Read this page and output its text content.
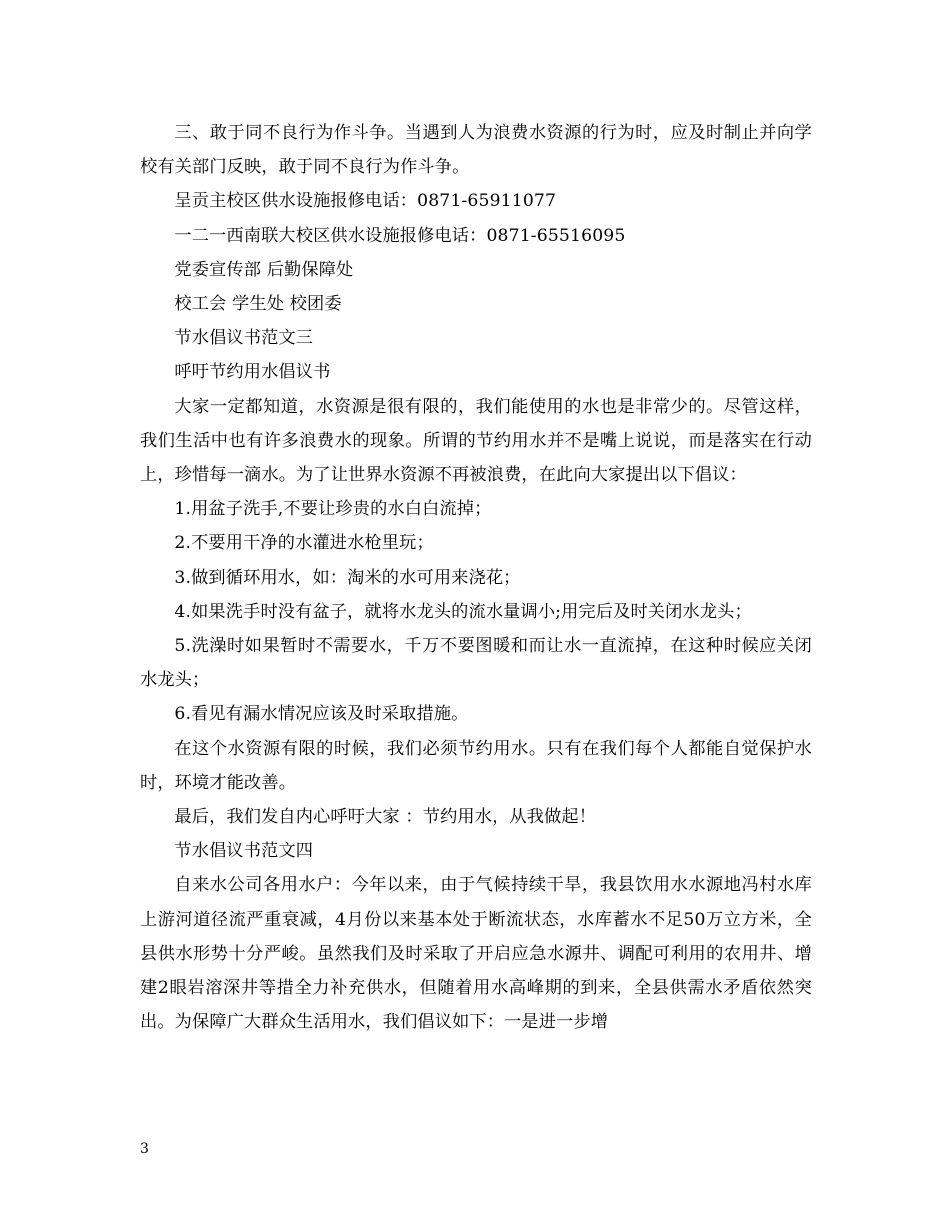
三、敢于同不良行为作斗争。当遇到人为浪费水资源的行为时，应及时制止并向学校有关部门反映，敢于同不良行为作斗争。

呈贡主校区供水设施报修电话：0871-65911077

一二一西南联大校区供水设施报修电话：0871-65516095

党委宣传部 后勤保障处

校工会 学生处 校团委

节水倡议书范文三

呼吁节约用水倡议书

大家一定都知道，水资源是很有限的，我们能使用的水也是非常少的。尽管这样，我们生活中也有许多浪费水的现象。所谓的节约用水并不是嘴上说说，而是落实在行动上，珍惜每一滴水。为了让世界水资源不再被浪费，在此向大家提出以下倡议：

1.用盆子洗手,不要让珍贵的水白白流掉；

2.不要用干净的水灌进水枪里玩；

3.做到循环用水，如：淘米的水可用来浇花；

4.如果洗手时没有盆子，就将水龙头的流水量调小;用完后及时关闭水龙头；

5.洗澡时如果暂时不需要水，千万不要图暖和而让水一直流掉，在这种时候应关闭水龙头；

6.看见有漏水情况应该及时采取措施。

在这个水资源有限的时候，我们必须节约用水。只有在我们每个人都能自觉保护水时，环境才能改善。

最后，我们发自内心呼吁大家 ：节约用水，从我做起！

节水倡议书范文四

自来水公司各用水户：今年以来，由于气候持续干旱，我县饮用水水源地冯村水库上游河道径流严重衰减，4月份以来基本处于断流状态，水库蓄水不足50万立方米，全县供水形势十分严峻。虽然我们及时采取了开启应急水源井、调配可利用的农用井、增建2眼岩溶深井等措全力补充供水，但随着用水高峰期的到来，全县供需水矛盾依然突出。为保障广大群众生活用水，我们倡议如下：一是进一步增

3
